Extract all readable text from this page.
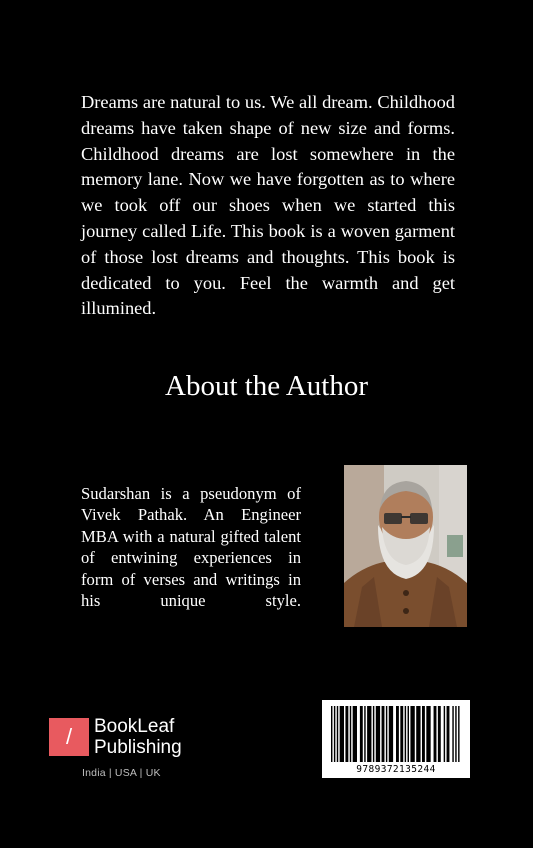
Dreams are natural to us. We all dream. Childhood dreams have taken shape of new size and forms. Childhood dreams are lost somewhere in the memory lane. Now we have forgotten as to where we took off our shoes when we started this journey called Life. This book is a woven garment of those lost dreams and thoughts. This book is dedicated to you. Feel the warmth and get illumined.

About the Author

Sudarshan is a pseudonym of Vivek Pathak. An Engineer MBA with a natural gifted talent of entwining experiences in form of verses and writings in his unique style.

/ BookLeaf
Publishing
India | USA | UK	9789372135244
